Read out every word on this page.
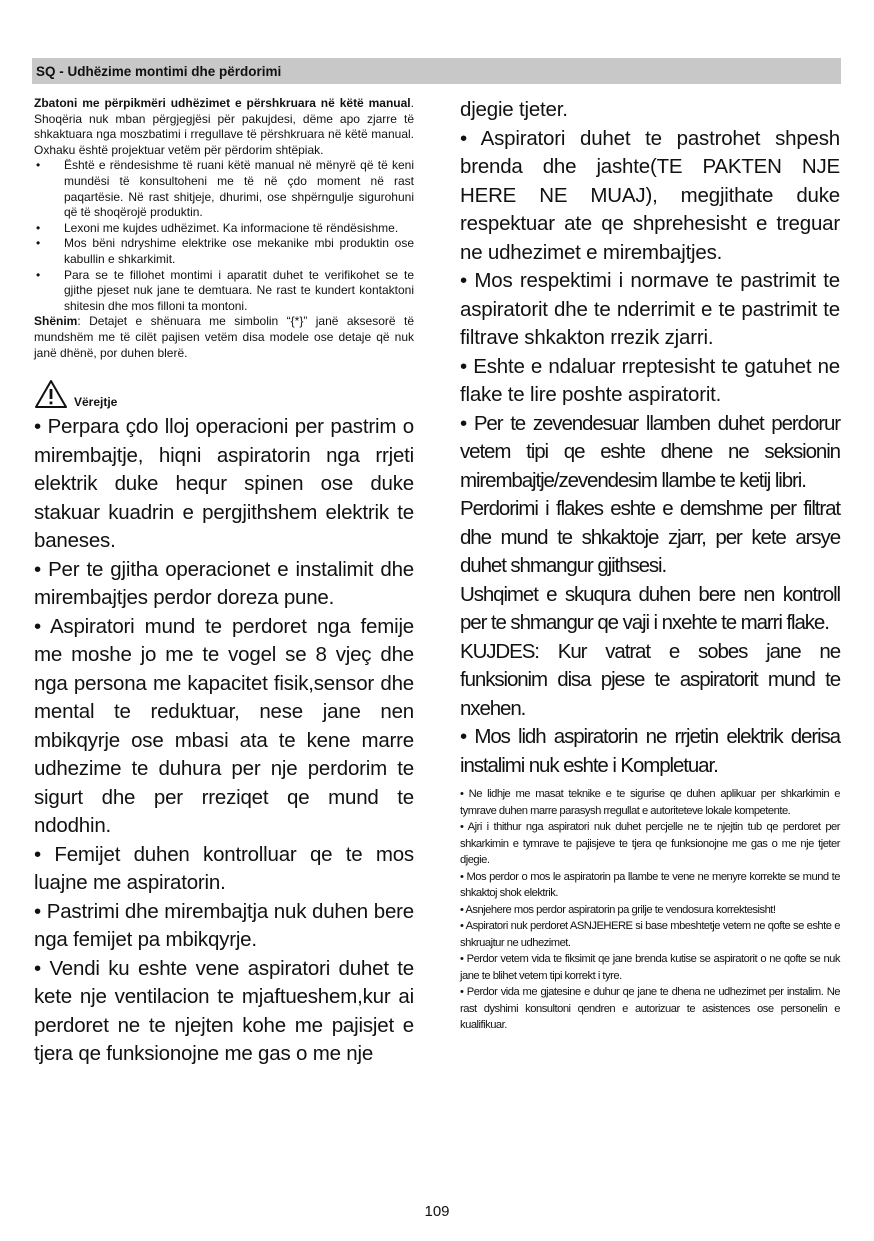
SQ - Udhëzime montimi dhe përdorimi

Zbatoni me përpikmëri udhëzimet e përshkruara në këtë manual. Shoqëria nuk mban përgjegjësi për pakujdesi, dëme apo zjarre të shkaktuara nga moszbatimi i rregullave të përshkruara në këtë manual. Oxhaku është projektuar vetëm për përdorim shtëpiak.

• Është e rëndesishme të ruani këtë manual në mënyrë që të keni mundësi të konsultoheni me të në çdo moment në rast paqartësie. Në rast shitjeje, dhurimi, ose shpërngulje sigurohuni që të shoqërojë produktin.
• Lexoni me kujdes udhëzimet. Ka informacione të rëndësishme.
• Mos bëni ndryshime elektrike ose mekanike mbi produktin ose kabullin e shkarkimit.
• Para se te fillohet montimi i aparatit duhet te verifikohet se te gjithe pjeset nuk jane te demtuara. Ne rast te kundert kontaktoni shitesin dhe mos filloni ta montoni.

Shënim: Detajet e shënuara me simbolin “{*}” janë aksesorë të mundshëm me të cilët pajisen vetëm disa modele ose detaje që nuk janë dhënë, por duhen blerë.

Vërejtje

• Perpara çdo lloj operacioni per pastrim o mirembajtje, hiqni aspiratorin nga rrjeti elektrik duke hequr spinen ose duke stakuar kuadrin e pergjithshem elektrik te baneses.

• Per te gjitha operacionet e instalimit dhe mirembajtjes perdor doreza pune.

• Aspiratori mund te perdoret nga femije me moshe jo me te vogel se 8 vjeç dhe nga persona me kapacitet fisik,sensor dhe mental te reduktuar, nese jane nen mbikqyrje ose mbasi ata te kene marre udhezime te duhura per nje perdorim te sigurt dhe per rreziqet qe mund te ndodhin.

• Femijet duhen kontrolluar qe te mos luajne me aspiratorin.

• Pastrimi dhe mirembajtja nuk duhen bere nga femijet pa mbikqyrje.

• Vendi ku eshte vene aspiratori duhet te kete nje ventilacion te mjaftueshem,kur ai perdoret ne te njejten kohe me pajisjet e tjera qe funksionojne me gas o me nje

djegie tjeter.

• Aspiratori duhet te pastrohet shpesh brenda dhe jashte(TE PAKTEN NJE HERE NE MUAJ), megjithate duke respektuar ate qe shprehesisht e treguar ne udhezimet e mirembajtjes.

• Mos respektimi i normave te pastrimit te aspiratorit dhe te nderrimit e te pastrimit te filtrave shkakton rrezik zjarri.

• Eshte e ndaluar rreptesisht te gatuhet ne flake te lire poshte aspiratorit.

• Per te zevendesuar llamben duhet perdorur vetem tipi qe eshte dhene ne seksionin mirembajtje/zevendesim llambe te ketij libri.

Perdorimi i flakes eshte e demshme per filtrat dhe mund te shkaktoje zjarr, per kete arsye duhet shmangur gjithsesi.

Ushqimet e skuqura duhen bere nen kontroll per te shmangur qe vaji i nxehte te marri flake.

KUJDES: Kur vatrat e sobes jane ne funksionim disa pjese te aspiratorit mund te nxehen.

• Mos lidh aspiratorin ne rrjetin elektrik derisa instalimi nuk eshte i Kompletuar.

• Ne lidhje me masat teknike e te sigurise qe duhen aplikuar per shkarkimin e tymrave duhen marre parasysh rregullat e autoriteteve lokale kompetente.

• Ajri i thithur nga aspiratori nuk duhet percjelle ne te njejtin tub qe perdoret per shkarkimin e tymrave te pajisjeve te tjera qe funksionojne me gas o me nje tjeter djegie.

• Mos perdor o mos le aspiratorin pa llambe te vene ne menyre korrekte se mund te shkaktoj shok elektrik.

• Asnjehere mos perdor aspiratorin pa grilje te vendosura korrektesisht!

• Aspiratori nuk perdoret ASNJEHERE si base mbeshtetje vetem ne qofte se eshte e shkruajtur ne udhezimet.

• Perdor vetem vida te fiksimit qe jane brenda kutise se aspiratorit o ne qofte se nuk jane te blihet vetem tipi korrekt i tyre.

• Perdor vida me gjatesine e duhur qe jane te dhena ne udhezimet per instalim. Ne rast dyshimi konsultoni qendren e autorizuar te asistences ose personelin e kualifikuar.

109
